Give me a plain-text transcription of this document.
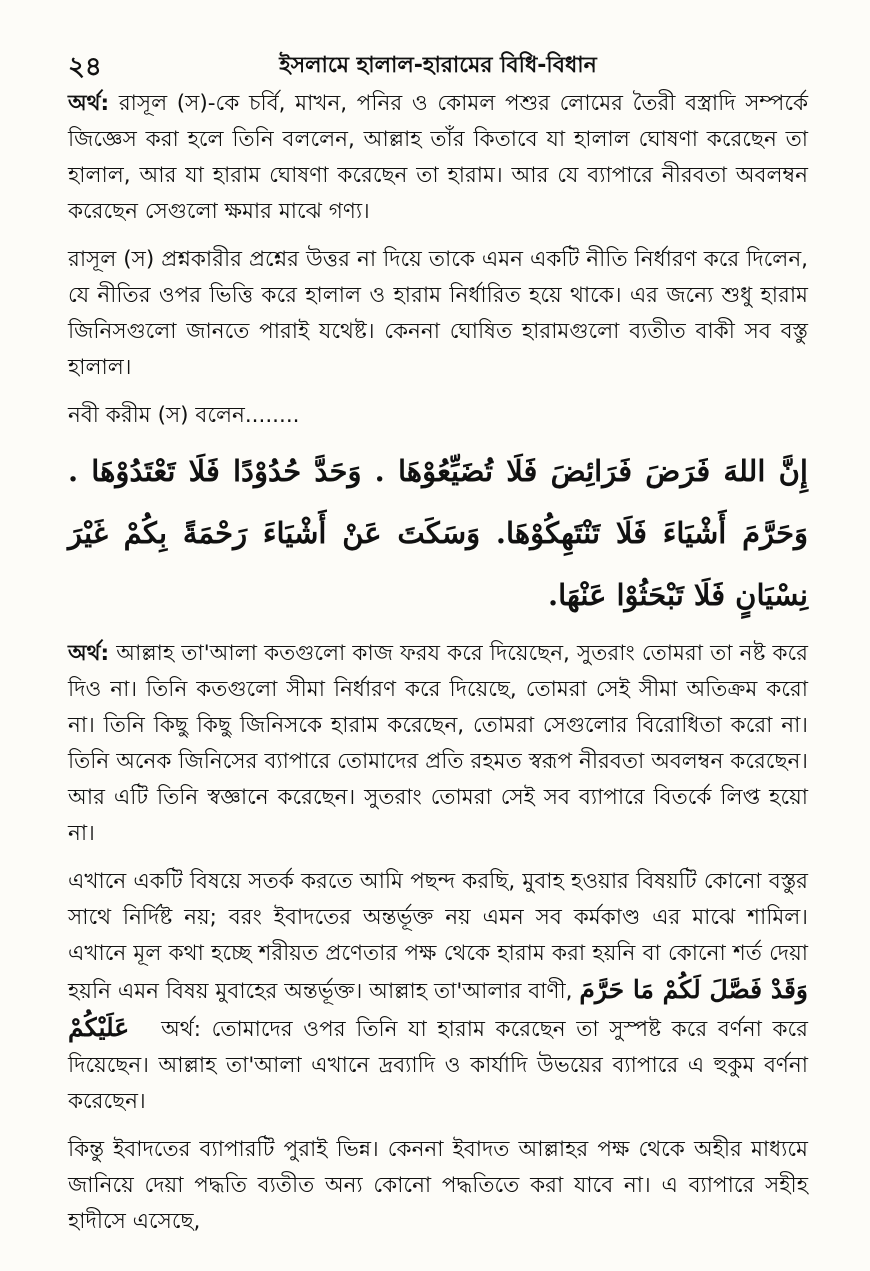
২৪	ইসলামে হালাল-হারামের বিধি-বিধান

অর্থ: রাসূল (স)-কে চর্বি, মাখন, পনির ও কোমল পশুর লোমের তৈরী বস্ত্রাদি সম্পর্কে জিজ্ঞেস করা হলে তিনি বললেন, আল্লাহ তাঁর কিতাবে যা হালাল ঘোষণা করেছেন তা হালাল, আর যা হারাম ঘোষণা করেছেন তা হারাম। আর যে ব্যাপারে নীরবতা অবলম্বন করেছেন সেগুলো ক্ষমার মাঝে গণ্য।

রাসূল (স) প্রশ্নকারীর প্রশ্নের উত্তর না দিয়ে তাকে এমন একটি নীতি নির্ধারণ করে দিলেন, যে নীতির ওপর ভিত্তি করে হালাল ও হারাম নির্ধারিত হয়ে থাকে। এর জন্যে শুধু হারাম জিনিসগুলো জানতে পারাই যথেষ্ট। কেননা ঘোষিত হারামগুলো ব্যতীত বাকী সব বস্তু হালাল।

নবী করীম (স) বলেন........

إِنَّ اللهَ فَرَضَ فَرَائِضَ فَلَا تُضَيِّعُوْهَا . وَحَدَّ حُدُوْدًا فَلَا تَعْتَدُوْهَا . وَحَرَّمَ أَشْيَاءَ فَلَا تَنْتَهِكُوْهَا. وَسَكَتَ عَنْ أَشْيَاءَ رَحْمَةً بِكُمْ غَيْرَ نِسْيَانٍ فَلَا تَبْحَثُوْا عَنْهَا.

অর্থ: আল্লাহ তা'আলা কতগুলো কাজ ফরয করে দিয়েছেন, সুতরাং তোমরা তা নষ্ট করে দিও না। তিনি কতগুলো সীমা নির্ধারণ করে দিয়েছে, তোমরা সেই সীমা অতিক্রম করো না। তিনি কিছু কিছু জিনিসকে হারাম করেছেন, তোমরা সেগুলোর বিরোধিতা করো না। তিনি অনেক জিনিসের ব্যাপারে তোমাদের প্রতি রহমত স্বরূপ নীরবতা অবলম্বন করেছেন। আর এটি তিনি স্বজ্ঞানে করেছেন। সুতরাং তোমরা সেই সব ব্যাপারে বিতর্কে লিপ্ত হয়ো না।

এখানে একটি বিষয়ে সতর্ক করতে আমি পছন্দ করছি, মুবাহ হওয়ার বিষয়টি কোনো বস্তুর সাথে নির্দিষ্ট নয়; বরং ইবাদতের অন্তর্ভূক্ত নয় এমন সব কর্মকাণ্ড এর মাঝে শামিল। এখানে মূল কথা হচ্ছে শরীয়ত প্রণেতার পক্ষ থেকে হারাম করা হয়নি বা কোনো শর্ত দেয়া হয়নি এমন বিষয় মুবাহের অন্তর্ভূক্ত। আল্লাহ তা'আলার বাণী, وَقَدْ فَصَّلَ لَكُمْ مَا حَرَّمَ عَلَيْكُمْ অর্থ: তোমাদের ওপর তিনি যা হারাম করেছেন তা সুস্পষ্ট করে বর্ণনা করে দিয়েছেন। আল্লাহ তা'আলা এখানে দ্রব্যাদি ও কার্যাদি উভয়ের ব্যাপারে এ হুকুম বর্ণনা করেছেন।

কিন্তু ইবাদতের ব্যাপারটি পুরাই ভিন্ন। কেননা ইবাদত আল্লাহর পক্ষ থেকে অহীর মাধ্যমে জানিয়ে দেয়া পদ্ধতি ব্যতীত অন্য কোনো পদ্ধতিতে করা যাবে না। এ ব্যাপারে সহীহ হাদীসে এসেছে,
